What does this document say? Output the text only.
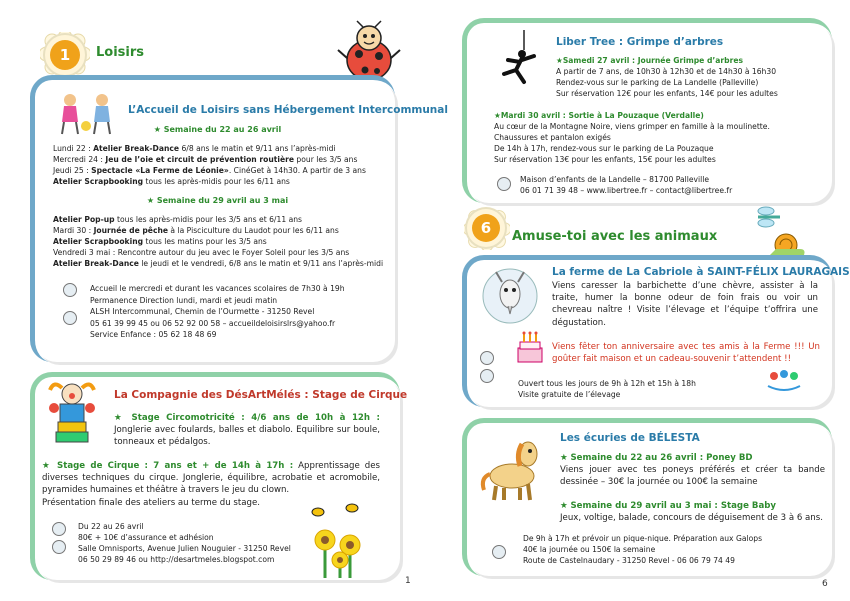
1	Loisirs
L’Accueil de Loisirs sans Hébergement Intercommunal
★ Semaine du 22 au 26 avril
Lundi 22 : Atelier Break-Dance 6/8 ans le matin et 9/11 ans l’après-midi
Mercredi 24 : Jeu de l’oie et circuit de prévention routière pour les 3/5 ans
Jeudi 25 : Spectacle «La Ferme de Léonie». CinéGet à 14h30. A partir de 3 ans
Atelier Scrapbooking tous les après-midis pour les 6/11 ans
★ Semaine du 29 avril au 3 mai
Atelier Pop-up tous les après-midis pour les 3/5 ans et 6/11 ans
Mardi 30 : Journée de pêche à la Pisciculture du Laudot pour les 6/11 ans
Atelier Scrapbooking tous les matins pour les 3/5 ans
Vendredi 3 mai : Rencontre autour du jeu avec le Foyer Soleil pour les 3/5 ans
Atelier Break-Dance le jeudi et le vendredi, 6/8 ans le matin et 9/11 ans l’après-midi
Accueil le mercredi et durant les vacances scolaires de 7h30 à 19h
Permanence Direction lundi, mardi et jeudi matin
ALSH Intercommunal, Chemin de l’Ourmette - 31250 Revel
05 61 39 99 45 ou 06 52 92 00 58 – accueildeloisirslrs@yahoo.fr
Service Enfance : 05 62 18 48 69
La Compagnie des DésArtMélés : Stage de Cirque
★ Stage Circomotricité : 4/6 ans de 10h à 12h : Jonglerie avec foulards, balles et diabolo. Equilibre sur boule, tonneaux et pédalgos.
★ Stage de Cirque : 7 ans et + de 14h à 17h : Apprentissage des diverses techniques du cirque. Jonglerie, équilibre, acrobatie et acromobile, pyramides humaines et théâtre à travers le jeu du clown.
Présentation finale des ateliers au terme du stage.
Du 22 au 26 avril
80€ + 10€ d’assurance et adhésion
Salle Omnisports, Avenue Julien Nouguier - 31250 Revel
06 50 29 89 46 ou http://desartmeles.blogspot.com
1
Liber Tree : Grimpe d’arbres
★Samedi 27 avril : Journée Grimpe d’arbres
A partir de 7 ans, de 10h30 à 12h30 et de 14h30 à 16h30
Rendez-vous sur le parking de La Landelle (Palleville)
Sur réservation 12€ pour les enfants, 14€ pour les adultes
★Mardi 30 avril : Sortie à La Pouzaque (Verdalle)
Au cœur de la Montagne Noire, viens grimper en famille à la moulinette.
Chaussures et pantalon exigés
De 14h à 17h, rendez-vous sur le parking de La Pouzaque
Sur réservation 13€ pour les enfants, 15€ pour les adultes
Maison d’enfants de la Landelle – 81700 Palleville
06 01 71 39 48 – www.libertree.fr – contact@libertree.fr
6	Amuse-toi avec les animaux
La ferme de La Cabriole à SAINT-FÉLIX LAURAGAIS
Viens caresser la barbichette d’une chèvre, assister à la traite, humer la bonne odeur de foin frais ou voir un chevreau naître ! Visite l’élevage et l’équipe t’offrira une dégustation.
Viens fêter ton anniversaire avec tes amis à la Ferme !!! Un goûter fait maison et un cadeau-souvenir t’attendent !!
Ouvert tous les jours de 9h à 12h et 15h à 18h
Visite gratuite de l’élevage
Les écuries de BÉLESTA
★ Semaine du 22 au 26 avril : Poney BD
Viens jouer avec tes poneys préférés et créer ta bande dessinée – 30€ la journée ou 100€ la semaine
★ Semaine du 29 avril au 3 mai : Stage Baby
Jeux, voltige, balade, concours de déguisement de 3 à 6 ans.
De 9h à 17h et prévoir un pique-nique. Préparation aux Galops
40€ la journée ou 150€ la semaine
Route de Castelnaudary - 31250 Revel - 06 06 79 74 49
6
